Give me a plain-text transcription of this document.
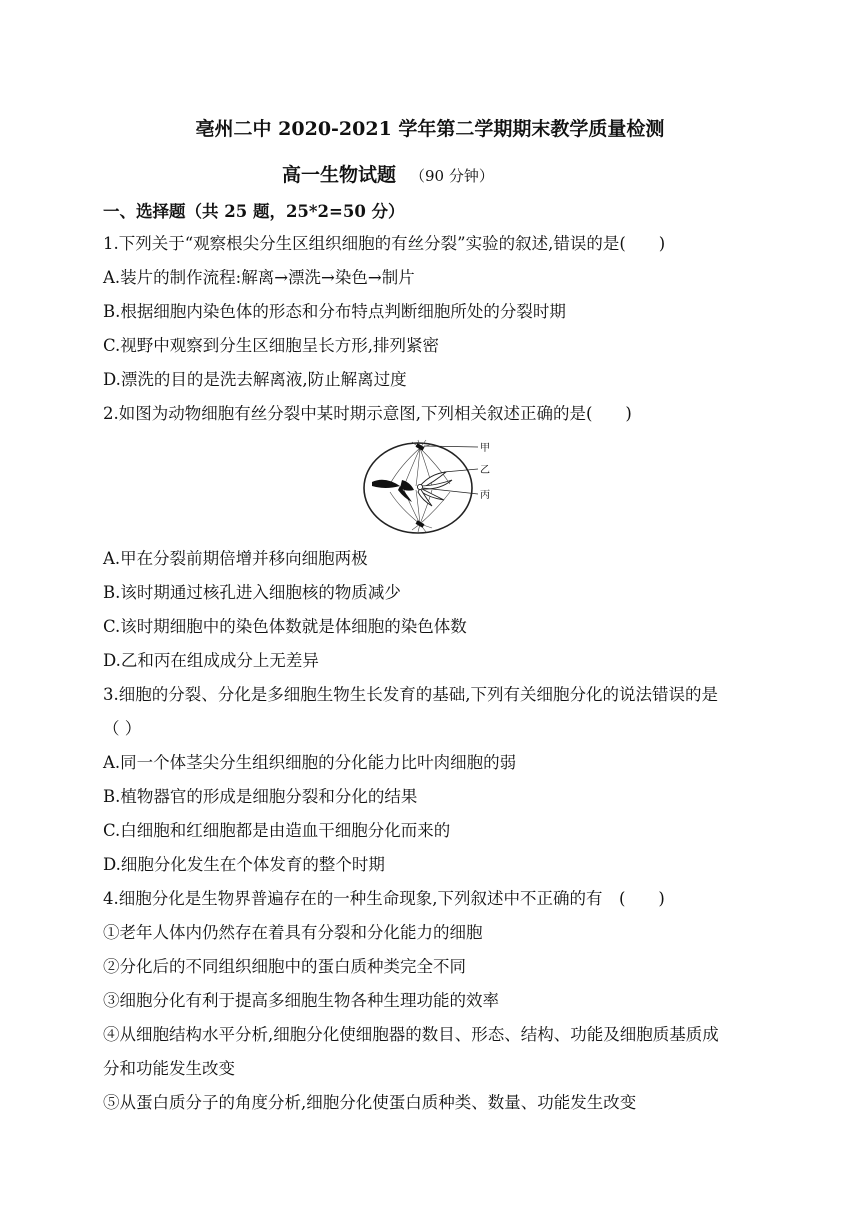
亳州二中 2020-2021 学年第二学期期末教学质量检测
高一生物试题 （90 分钟）
一、选择题（共 25 题，25*2=50 分）
1.下列关于“观察根尖分生区组织细胞的有丝分裂”实验的叙述,错误的是(　　)
A.装片的制作流程:解离→漂洗→染色→制片
B.根据细胞内染色体的形态和分布特点判断细胞所处的分裂时期
C.视野中观察到分生区细胞呈长方形,排列紧密
D.漂洗的目的是洗去解离液,防止解离过度
2.如图为动物细胞有丝分裂中某时期示意图,下列相关叙述正确的是(　　)
甲
乙
丙
A.甲在分裂前期倍增并移向细胞两极
B.该时期通过核孔进入细胞核的物质减少
C.该时期细胞中的染色体数就是体细胞的染色体数
D.乙和丙在组成成分上无差异
3.细胞的分裂、分化是多细胞生物生长发育的基础,下列有关细胞分化的说法错误的是
（ ）
A.同一个体茎尖分生组织细胞的分化能力比叶肉细胞的弱
B.植物器官的形成是细胞分裂和分化的结果
C.白细胞和红细胞都是由造血干细胞分化而来的
D.细胞分化发生在个体发育的整个时期
4.细胞分化是生物界普遍存在的一种生命现象,下列叙述中不正确的有　(　　)
①老年人体内仍然存在着具有分裂和分化能力的细胞
②分化后的不同组织细胞中的蛋白质种类完全不同
③细胞分化有利于提高多细胞生物各种生理功能的效率
④从细胞结构水平分析,细胞分化使细胞器的数目、形态、结构、功能及细胞质基质成
分和功能发生改变
⑤从蛋白质分子的角度分析,细胞分化使蛋白质种类、数量、功能发生改变
